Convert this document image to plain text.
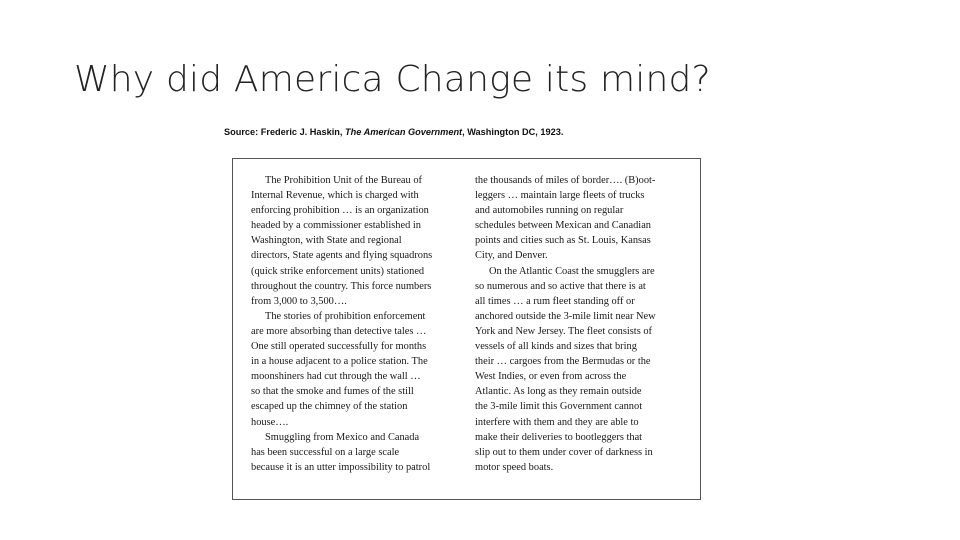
Why did America Change its mind?
Source: Frederic J. Haskin, The American Government, Washington DC, 1923.
The Prohibition Unit of the Bureau of
Internal Revenue, which is charged with
enforcing prohibition … is an organization
headed by a commissioner established in
Washington, with State and regional
directors, State agents and flying squadrons
(quick strike enforcement units) stationed
throughout the country. This force numbers
from 3,000 to 3,500….
The stories of prohibition enforcement
are more absorbing than detective tales …
One still operated successfully for months
in a house adjacent to a police station. The
moonshiners had cut through the wall …
so that the smoke and fumes of the still
escaped up the chimney of the station
house….
Smuggling from Mexico and Canada
has been successful on a large scale
because it is an utter impossibility to patrol
the thousands of miles of border…. (B)oot-
leggers … maintain large fleets of trucks
and automobiles running on regular
schedules between Mexican and Canadian
points and cities such as St. Louis, Kansas
City, and Denver.
On the Atlantic Coast the smugglers are
so numerous and so active that there is at
all times … a rum fleet standing off or
anchored outside the 3-mile limit near New
York and New Jersey. The fleet consists of
vessels of all kinds and sizes that bring
their … cargoes from the Bermudas or the
West Indies, or even from across the
Atlantic. As long as they remain outside
the 3-mile limit this Government cannot
interfere with them and they are able to
make their deliveries to bootleggers that
slip out to them under cover of darkness in
motor speed boats.
